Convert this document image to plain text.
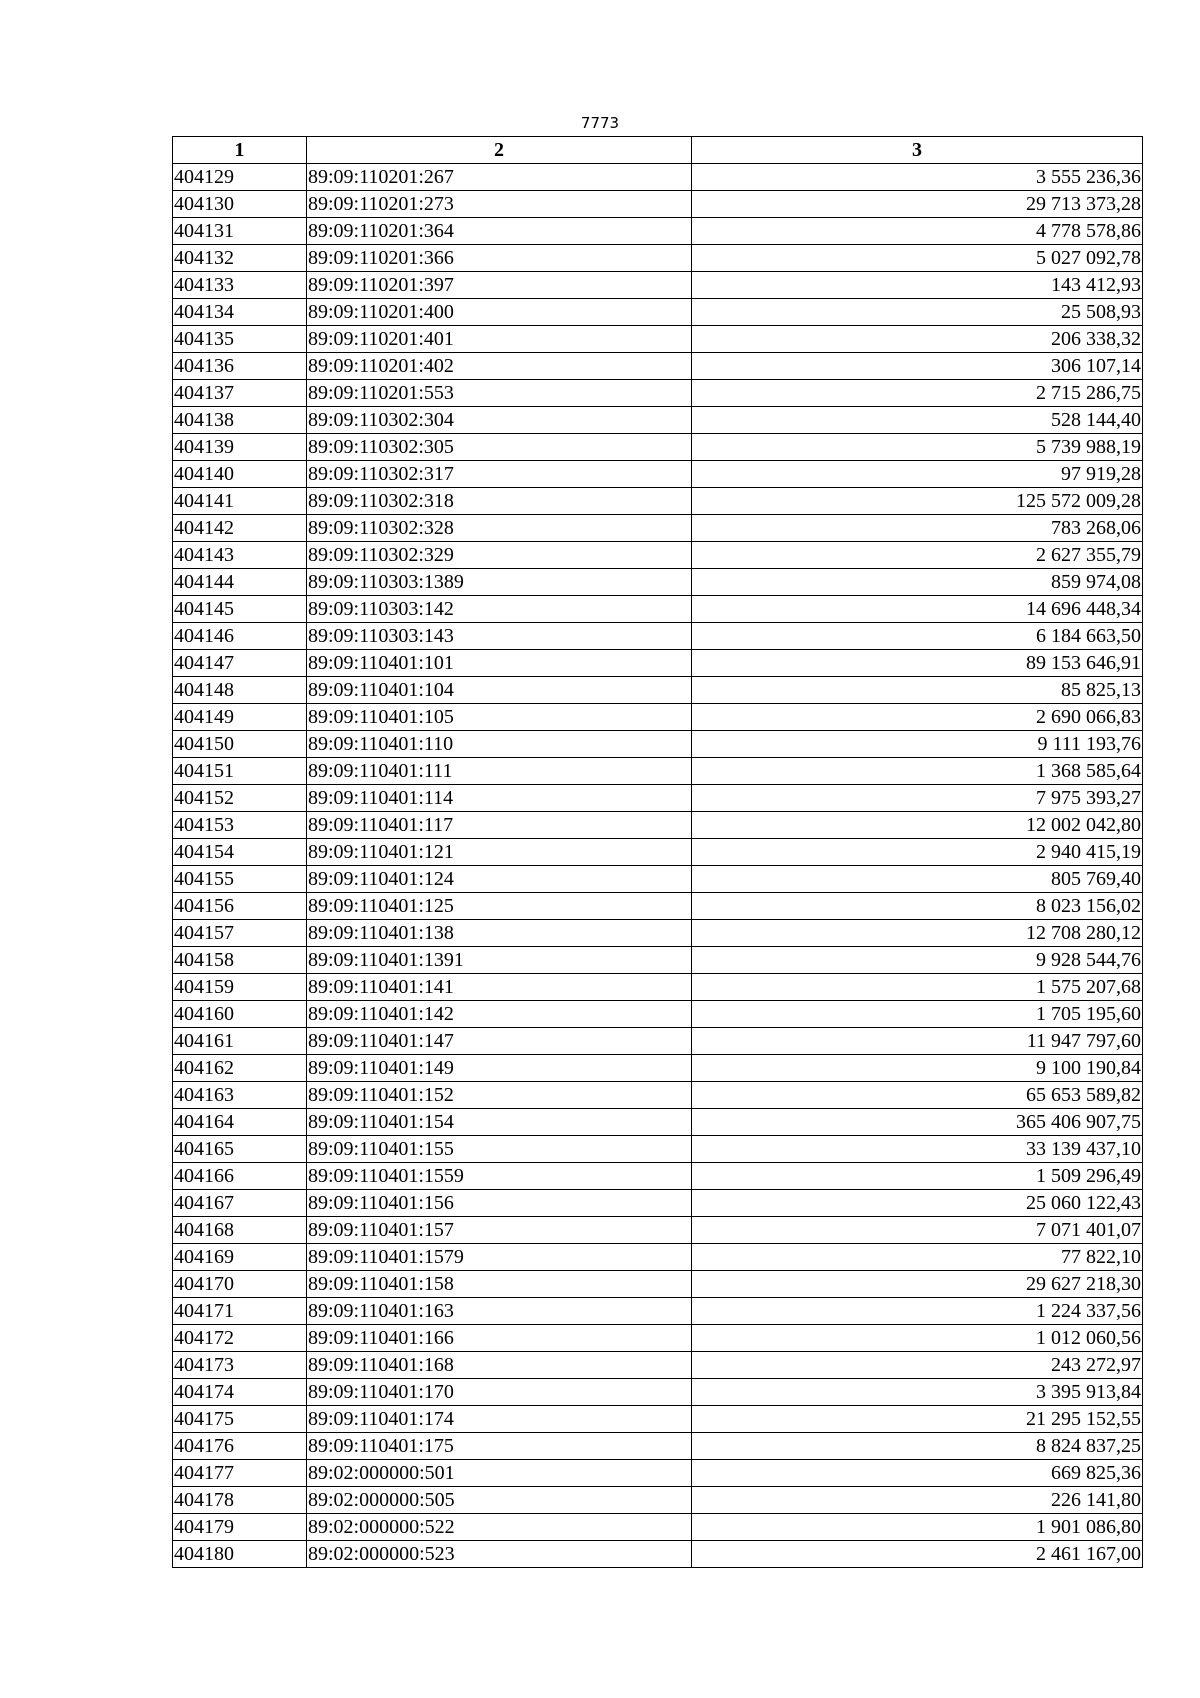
7773
1	2	3
404129	89:09:110201:267	3 555 236,36
404130	89:09:110201:273	29 713 373,28
404131	89:09:110201:364	4 778 578,86
404132	89:09:110201:366	5 027 092,78
404133	89:09:110201:397	143 412,93
404134	89:09:110201:400	25 508,93
404135	89:09:110201:401	206 338,32
404136	89:09:110201:402	306 107,14
404137	89:09:110201:553	2 715 286,75
404138	89:09:110302:304	528 144,40
404139	89:09:110302:305	5 739 988,19
404140	89:09:110302:317	97 919,28
404141	89:09:110302:318	125 572 009,28
404142	89:09:110302:328	783 268,06
404143	89:09:110302:329	2 627 355,79
404144	89:09:110303:1389	859 974,08
404145	89:09:110303:142	14 696 448,34
404146	89:09:110303:143	6 184 663,50
404147	89:09:110401:101	89 153 646,91
404148	89:09:110401:104	85 825,13
404149	89:09:110401:105	2 690 066,83
404150	89:09:110401:110	9 111 193,76
404151	89:09:110401:111	1 368 585,64
404152	89:09:110401:114	7 975 393,27
404153	89:09:110401:117	12 002 042,80
404154	89:09:110401:121	2 940 415,19
404155	89:09:110401:124	805 769,40
404156	89:09:110401:125	8 023 156,02
404157	89:09:110401:138	12 708 280,12
404158	89:09:110401:1391	9 928 544,76
404159	89:09:110401:141	1 575 207,68
404160	89:09:110401:142	1 705 195,60
404161	89:09:110401:147	11 947 797,60
404162	89:09:110401:149	9 100 190,84
404163	89:09:110401:152	65 653 589,82
404164	89:09:110401:154	365 406 907,75
404165	89:09:110401:155	33 139 437,10
404166	89:09:110401:1559	1 509 296,49
404167	89:09:110401:156	25 060 122,43
404168	89:09:110401:157	7 071 401,07
404169	89:09:110401:1579	77 822,10
404170	89:09:110401:158	29 627 218,30
404171	89:09:110401:163	1 224 337,56
404172	89:09:110401:166	1 012 060,56
404173	89:09:110401:168	243 272,97
404174	89:09:110401:170	3 395 913,84
404175	89:09:110401:174	21 295 152,55
404176	89:09:110401:175	8 824 837,25
404177	89:02:000000:501	669 825,36
404178	89:02:000000:505	226 141,80
404179	89:02:000000:522	1 901 086,80
404180	89:02:000000:523	2 461 167,00
